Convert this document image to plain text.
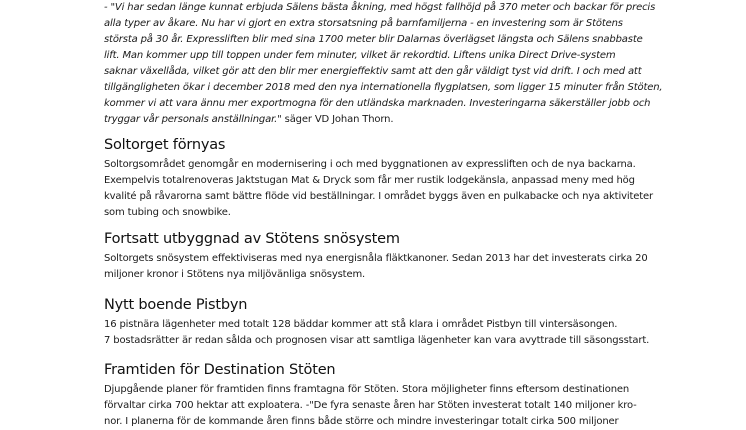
- "Vi har sedan länge kunnat erbjuda Sälens bästa åkning, med högst fallhöjd på 370 meter och backar för precis

alla typer av åkare. Nu har vi gjort en extra storsatsning på barnfamiljerna - en investering som är Stötens

största på 30 år. Expressliften blir med sina 1700 meter blir Dalarnas överlägset längsta och Sälens snabbaste

lift. Man kommer upp till toppen under fem minuter, vilket är rekordtid. Liftens unika Direct Drive-system

saknar växellåda, vilket gör att den blir mer energieffektiv samt att den går väldigt tyst vid drift. I och med att

tillgängligheten ökar i december 2018 med den nya internationella flygplatsen, som ligger 15 minuter från Stöten,

kommer vi att vara ännu mer exportmogna för den utländska marknaden. Investeringarna säkerställer jobb och

tryggar vår personals anställningar." säger VD Johan Thorn.

Soltorget förnyas

Soltorgsområdet genomgår en modernisering i och med byggnationen av expressliften och de nya backarna.

Exempelvis totalrenoveras Jaktstugan Mat & Dryck som får mer rustik lodgekänsla, anpassad meny med hög

kvalité på råvarorna samt bättre flöde vid beställningar. I området byggs även en pulkabacke och nya aktiviteter

som tubing och snowbike.

Fortsatt utbyggnad av Stötens snösystem

Soltorgets snösystem effektiviseras med nya energisnåla fläktkanoner. Sedan 2013 har det investerats cirka 20

miljoner kronor i Stötens nya miljövänliga snösystem.

Nytt boende Pistbyn

16 pistnära lägenheter med totalt 128 bäddar kommer att stå klara i området Pistbyn till vintersäsongen.

7 bostadsrätter är redan sålda och prognosen visar att samtliga lägenheter kan vara avyttrade till säsongsstart.

Framtiden för Destination Stöten

Djupgående planer för framtiden finns framtagna för Stöten. Stora möjligheter finns eftersom destinationen

förvaltar cirka 700 hektar att exploatera. -"De fyra senaste åren har Stöten investerat totalt 140 miljoner kro-

nor. I planerna för de kommande åren finns både större och mindre investeringar totalt cirka 500 miljoner
